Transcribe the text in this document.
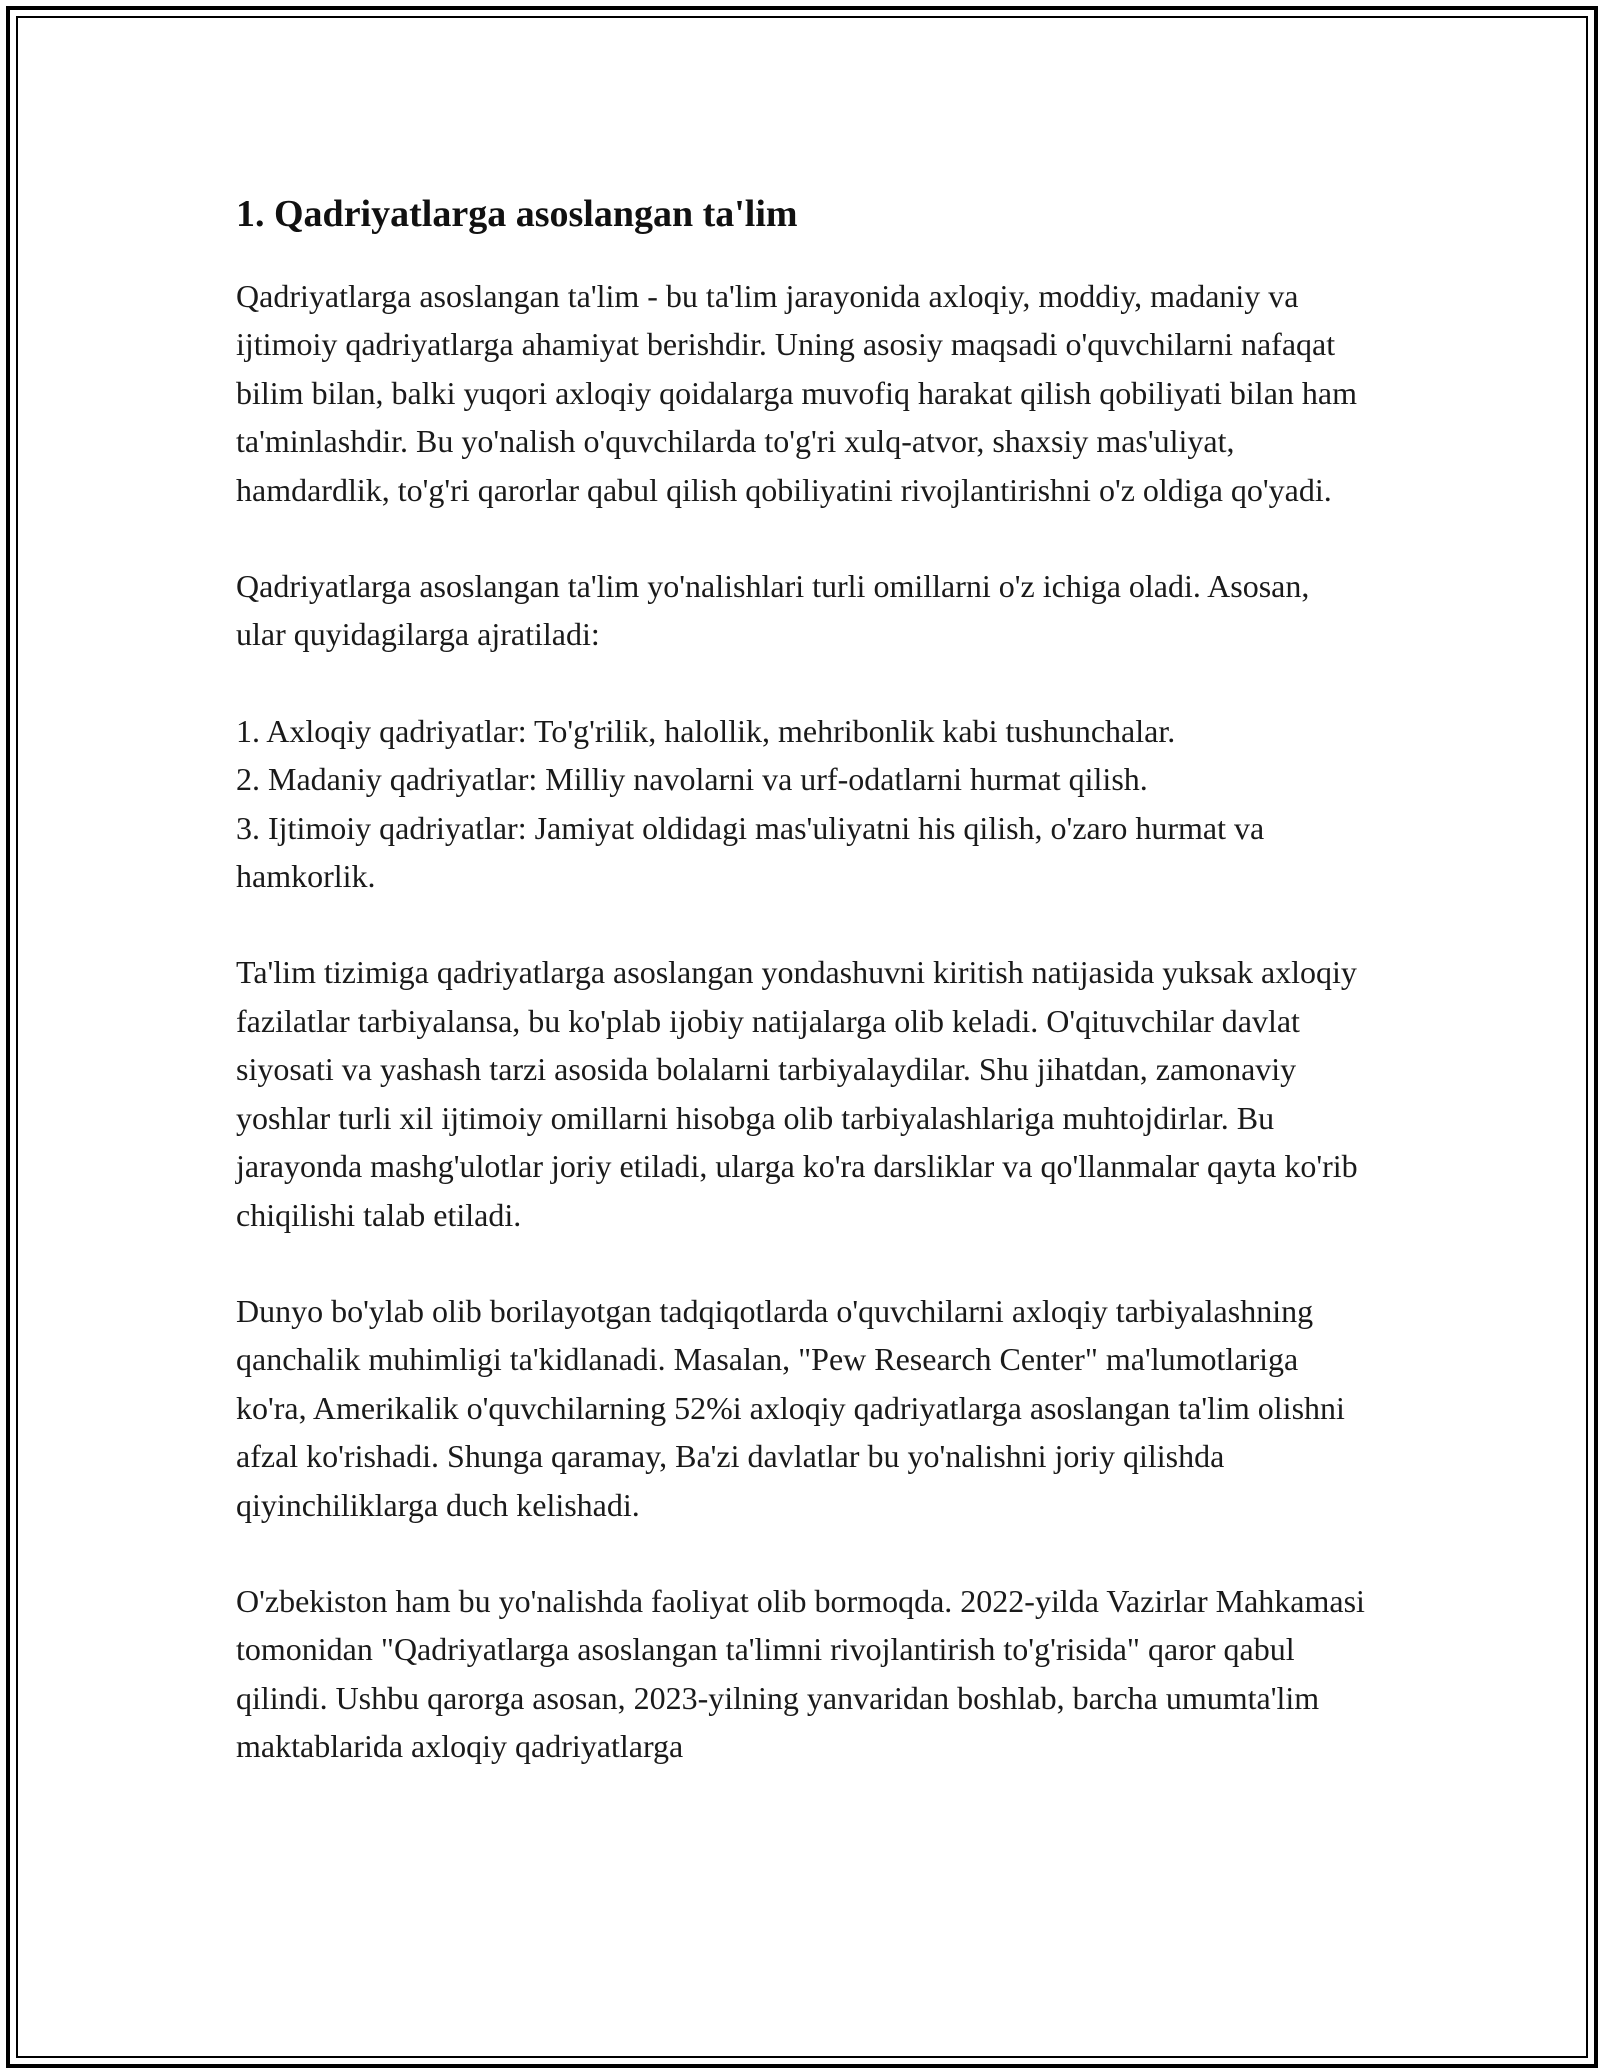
1. Qadriyatlarga asoslangan ta'lim

Qadriyatlarga asoslangan ta'lim - bu ta'lim jarayonida axloqiy, moddiy, madaniy va ijtimoiy qadriyatlarga ahamiyat berishdir. Uning asosiy maqsadi o'quvchilarni nafaqat bilim bilan, balki yuqori axloqiy qoidalarga muvofiq harakat qilish qobiliyati bilan ham ta'minlashdir. Bu yo'nalish o'quvchilarda to'g'ri xulq-atvor, shaxsiy mas'uliyat, hamdardlik, to'g'ri qarorlar qabul qilish qobiliyatini rivojlantirishni o'z oldiga qo'yadi.

Qadriyatlarga asoslangan ta'lim yo'nalishlari turli omillarni o'z ichiga oladi. Asosan, ular quyidagilarga ajratiladi:

1. Axloqiy qadriyatlar: To'g'rilik, halollik, mehribonlik kabi tushunchalar.
2. Madaniy qadriyatlar: Milliy navolarni va urf-odatlarni hurmat qilish.
3. Ijtimoiy qadriyatlar: Jamiyat oldidagi mas'uliyatni his qilish, o'zaro hurmat va hamkorlik.

Ta'lim tizimiga qadriyatlarga asoslangan yondashuvni kiritish natijasida yuksak axloqiy fazilatlar tarbiyalansa, bu ko'plab ijobiy natijalarga olib keladi. O'qituvchilar davlat siyosati va yashash tarzi asosida bolalarni tarbiyalaydilar. Shu jihatdan, zamonaviy yoshlar turli xil ijtimoiy omillarni hisobga olib tarbiyalashlariga muhtojdirlar. Bu jarayonda mashg'ulotlar joriy etiladi, ularga ko'ra darsliklar va qo'llanmalar qayta ko'rib chiqilishi talab etiladi.

Dunyo bo'ylab olib borilayotgan tadqiqotlarda o'quvchilarni axloqiy tarbiyalashning qanchalik muhimligi ta'kidlanadi. Masalan, "Pew Research Center" ma'lumotlariga ko'ra, Amerikalik o'quvchilarning 52%i axloqiy qadriyatlarga asoslangan ta'lim olishni afzal ko'rishadi. Shunga qaramay, Ba'zi davlatlar bu yo'nalishni joriy qilishda qiyinchiliklarga duch kelishadi.

O'zbekiston ham bu yo'nalishda faoliyat olib bormoqda. 2022-yilda Vazirlar Mahkamasi tomonidan "Qadriyatlarga asoslangan ta'limni rivojlantirish to'g'risida" qaror qabul qilindi. Ushbu qarorga asosan, 2023-yilning yanvaridan boshlab, barcha umumta'lim maktablarida axloqiy qadriyatlarga
